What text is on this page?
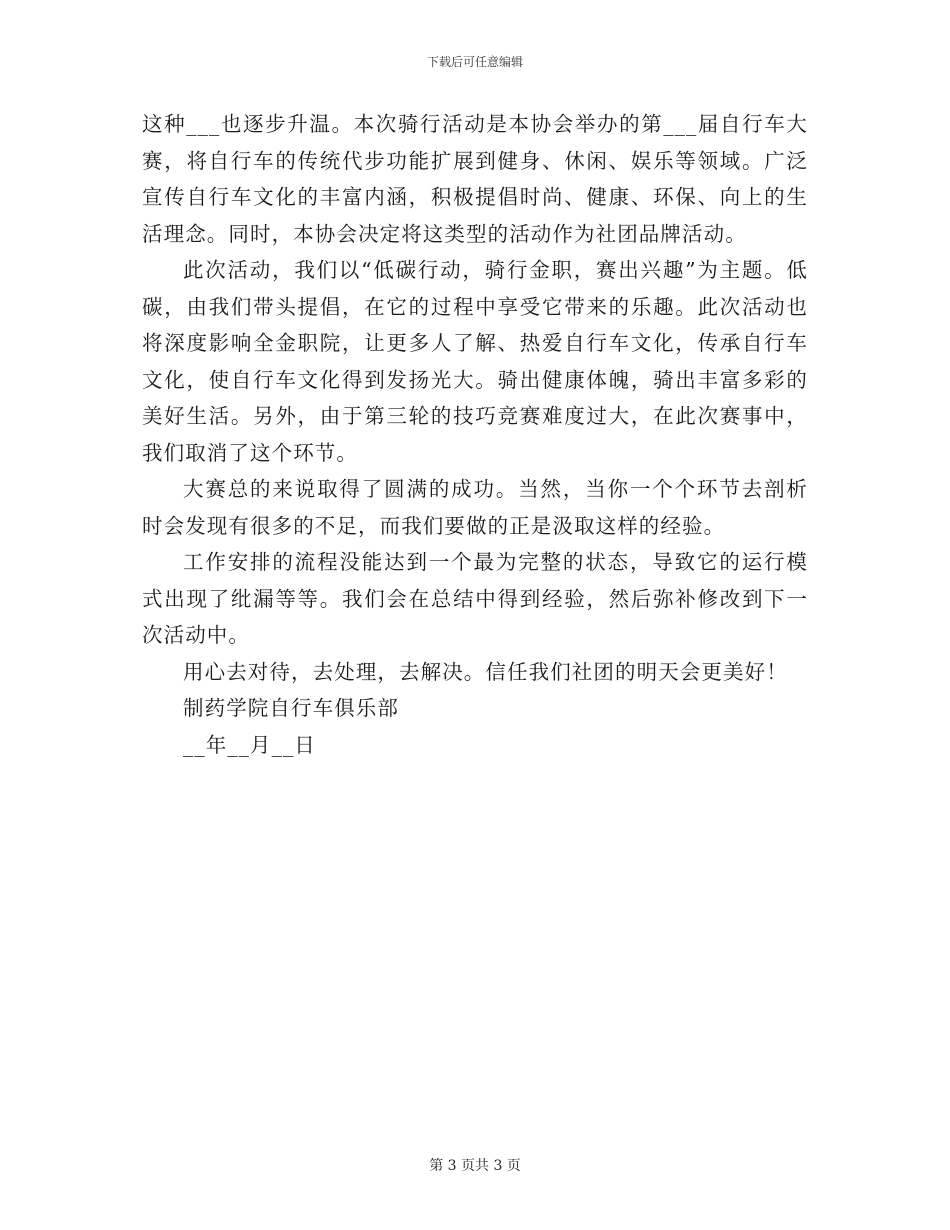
下载后可任意编辑

这种___也逐步升温。本次骑行活动是本协会举办的第___届自行车大赛，将自行车的传统代步功能扩展到健身、休闲、娱乐等领域。广泛宣传自行车文化的丰富内涵，积极提倡时尚、健康、环保、向上的生活理念。同时，本协会决定将这类型的活动作为社团品牌活动。

此次活动，我们以“低碳行动，骑行金职，赛出兴趣”为主题。低碳，由我们带头提倡，在它的过程中享受它带来的乐趣。此次活动也将深度影响全金职院，让更多人了解、热爱自行车文化，传承自行车文化，使自行车文化得到发扬光大。骑出健康体魄，骑出丰富多彩的美好生活。另外，由于第三轮的技巧竞赛难度过大，在此次赛事中，我们取消了这个环节。

大赛总的来说取得了圆满的成功。当然，当你一个个环节去剖析时会发现有很多的不足，而我们要做的正是汲取这样的经验。

工作安排的流程没能达到一个最为完整的状态，导致它的运行模式出现了纰漏等等。我们会在总结中得到经验，然后弥补修改到下一次活动中。

用心去对待，去处理，去解决。信任我们社团的明天会更美好！

制药学院自行车俱乐部

__年__月__日

第 3 页共 3 页
